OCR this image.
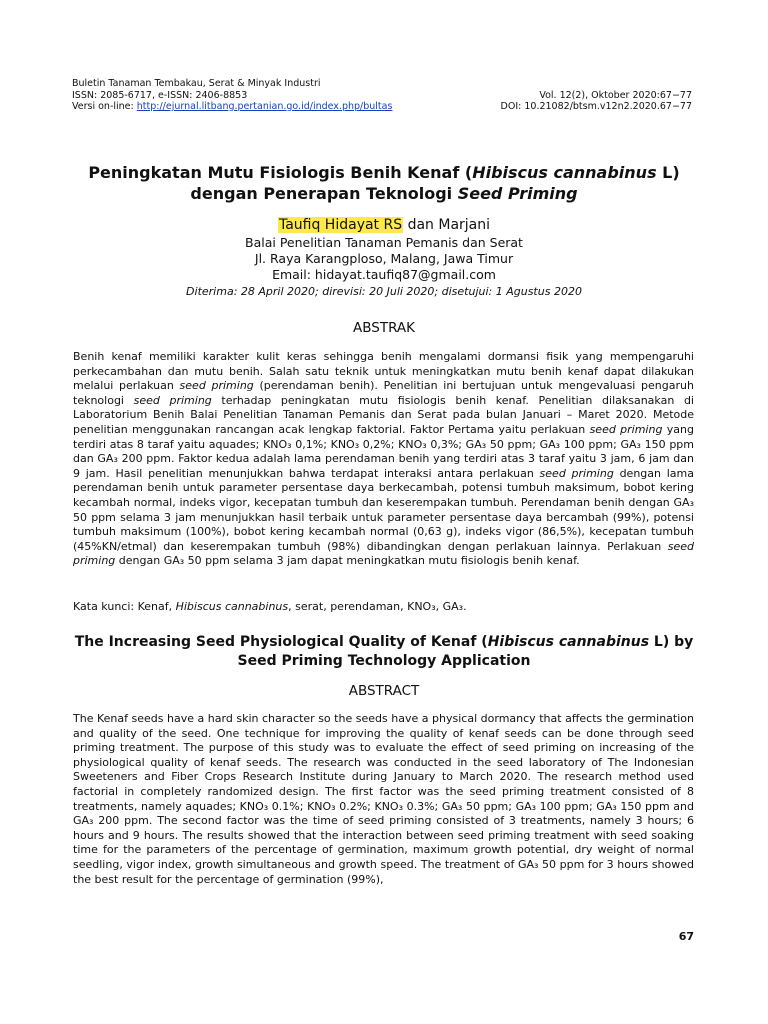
Buletin Tanaman Tembakau, Serat & Minyak Industri
ISSN: 2085-6717, e-ISSN: 2406-8853	Vol. 12(2), Oktober 2020:67−77
Versi on-line: http://ejurnal.litbang.pertanian.go.id/index.php/bultas	DOI: 10.21082/btsm.v12n2.2020.67−77
Peningkatan Mutu Fisiologis Benih Kenaf (Hibiscus cannabinus L)
dengan Penerapan Teknologi Seed Priming
Taufiq Hidayat RS dan Marjani
Balai Penelitian Tanaman Pemanis dan Serat
Jl. Raya Karangploso, Malang, Jawa Timur
Email: hidayat.taufiq87@gmail.com
Diterima: 28 April 2020; direvisi: 20 Juli 2020; disetujui: 1 Agustus 2020
ABSTRAK
Benih kenaf memiliki karakter kulit keras sehingga benih mengalami dormansi fisik yang mempengaruhi perkecambahan dan mutu benih. Salah satu teknik untuk meningkatkan mutu benih kenaf dapat dilakukan melalui perlakuan seed priming (perendaman benih). Penelitian ini bertujuan untuk mengevaluasi pengaruh teknologi seed priming terhadap peningkatan mutu fisiologis benih kenaf. Penelitian dilaksanakan di Laboratorium Benih Balai Penelitian Tanaman Pemanis dan Serat pada bulan Januari – Maret 2020. Metode penelitian menggunakan rancangan acak lengkap faktorial. Faktor Pertama yaitu perlakuan seed priming yang terdiri atas 8 taraf yaitu aquades; KNO₃ 0,1%; KNO₃ 0,2%; KNO₃ 0,3%; GA₃ 50 ppm; GA₃ 100 ppm; GA₃ 150 ppm dan GA₃ 200 ppm. Faktor kedua adalah lama perendaman benih yang terdiri atas 3 taraf yaitu 3 jam, 6 jam dan 9 jam. Hasil penelitian menunjukkan bahwa terdapat interaksi antara perlakuan seed priming dengan lama perendaman benih untuk parameter persentase daya berkecambah, potensi tumbuh maksimum, bobot kering kecambah normal, indeks vigor, kecepatan tumbuh dan keserempakan tumbuh. Perendaman benih dengan GA₃ 50 ppm selama 3 jam menunjukkan hasil terbaik untuk parameter persentase daya bercambah (99%), potensi tumbuh maksimum (100%), bobot kering kecambah normal (0,63 g), indeks vigor (86,5%), kecepatan tumbuh (45%KN/etmal) dan keserempakan tumbuh (98%) dibandingkan dengan perlakuan lainnya. Perlakuan seed priming dengan GA₃ 50 ppm selama 3 jam dapat meningkatkan mutu fisiologis benih kenaf.
Kata kunci: Kenaf, Hibiscus cannabinus, serat, perendaman, KNO₃, GA₃.
The Increasing Seed Physiological Quality of Kenaf (Hibiscus cannabinus L) by
Seed Priming Technology Application
ABSTRACT
The Kenaf seeds have a hard skin character so the seeds have a physical dormancy that affects the germination and quality of the seed. One technique for improving the quality of kenaf seeds can be done through seed priming treatment. The purpose of this study was to evaluate the effect of seed priming on increasing of the physiological quality of kenaf seeds. The research was conducted in the seed laboratory of The Indonesian Sweeteners and Fiber Crops Research Institute during January to March 2020. The research method used factorial in completely randomized design. The first factor was the seed priming treatment consisted of 8 treatments, namely aquades; KNO₃ 0.1%; KNO₃ 0.2%; KNO₃ 0.3%; GA₃ 50 ppm; GA₃ 100 ppm; GA₃ 150 ppm and GA₃ 200 ppm. The second factor was the time of seed priming consisted of 3 treatments, namely 3 hours; 6 hours and 9 hours. The results showed that the interaction between seed priming treatment with seed soaking time for the parameters of the percentage of germination, maximum growth potential, dry weight of normal seedling, vigor index, growth simultaneous and growth speed. The treatment of GA₃ 50 ppm for 3 hours showed the best result for the percentage of germination (99%),
67
